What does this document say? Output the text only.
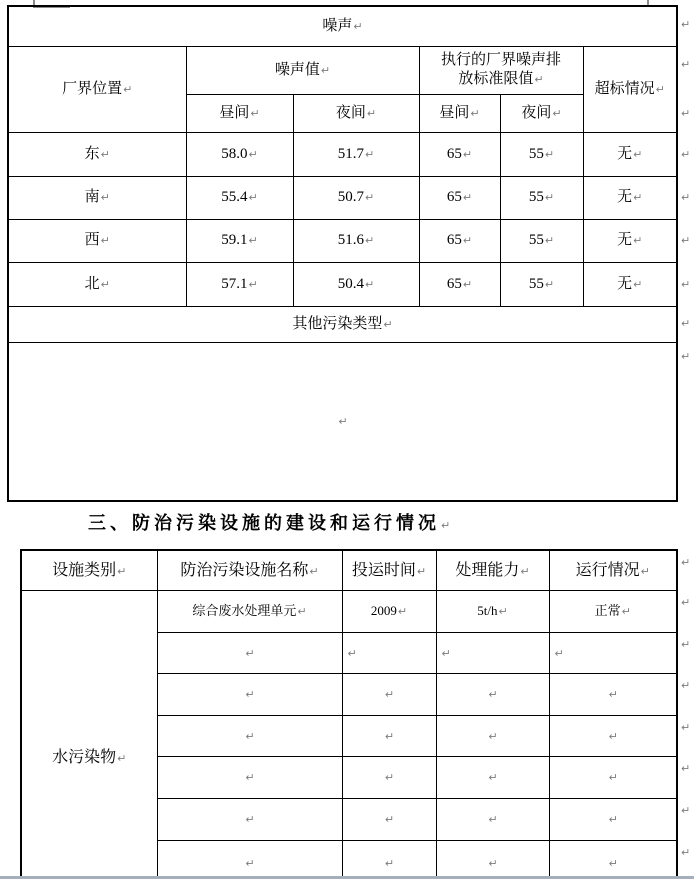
噪声↵					
厂界位置↵	噪声值↵		执行的厂界噪声排放标准限值↵		超标情况↵
	昼间↵	夜间↵	昼间↵	夜间↵	
东↵	58.0↵	51.7↵	65↵	55↵	无↵
南↵	55.4↵	50.7↵	65↵	55↵	无↵
西↵	59.1↵	51.6↵	65↵	55↵	无↵
北↵	57.1↵	50.4↵	65↵	55↵	无↵
其他污染类型↵					
↵					
三、防治污染设施的建设和运行情况↵
设施类别↵	防治污染设施名称↵	投运时间↵	处理能力↵	运行情况↵
水污染物↵	综合废水处理单元↵	2009↵	5t/h↵	正常↵
	↵	↵	↵	↵
	↵	↵	↵	↵
	↵	↵	↵	↵
	↵	↵	↵	↵
	↵	↵	↵	↵
	↵	↵	↵	↵
↵
↵
↵
↵
↵
↵
↵
↵
↵
↵
↵
↵
↵
↵
↵
↵
↵
